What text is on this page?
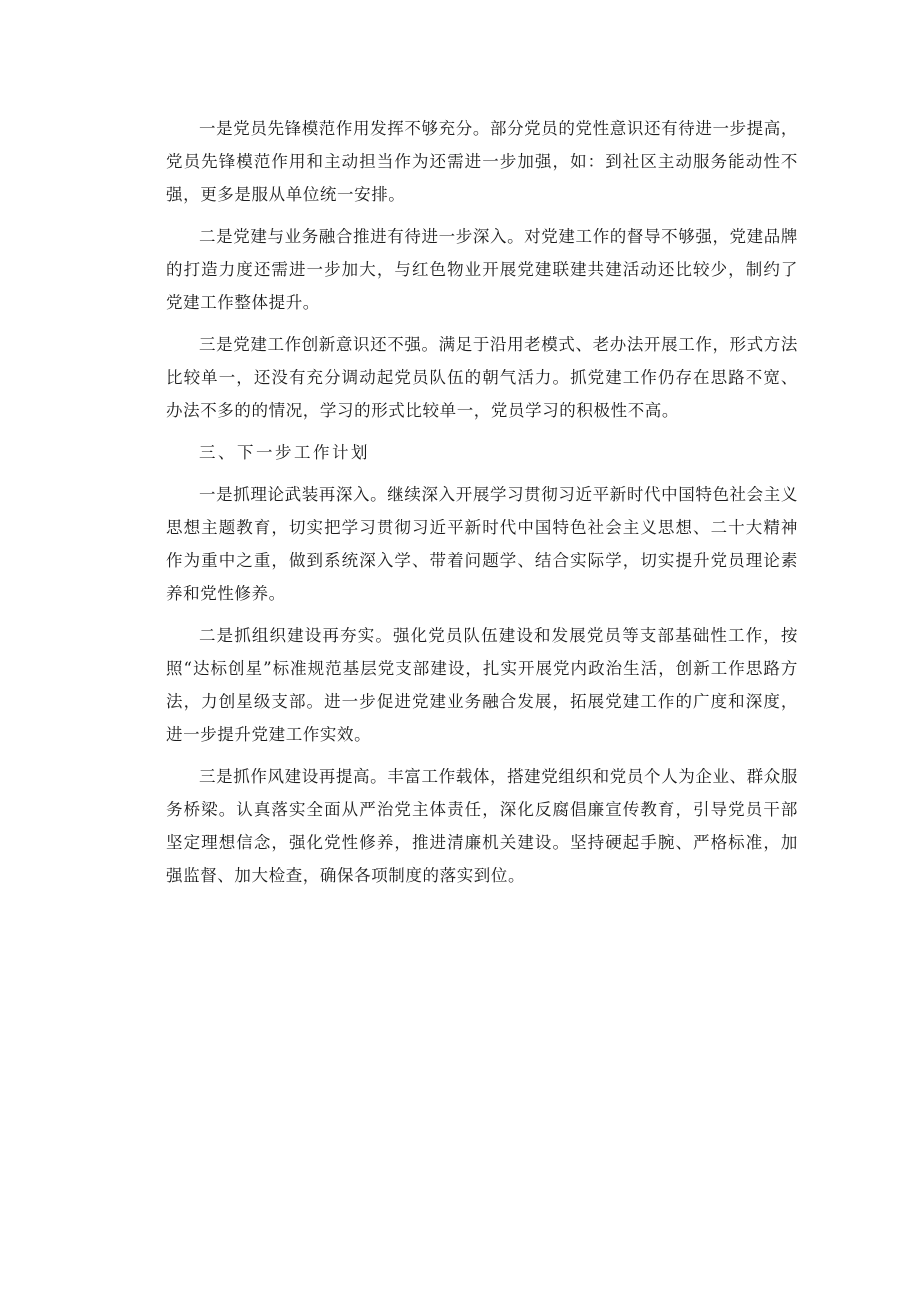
一是党员先锋模范作用发挥不够充分。部分党员的党性意识还有待进一步提高，党员先锋模范作用和主动担当作为还需进一步加强，如：到社区主动服务能动性不强，更多是服从单位统一安排。

二是党建与业务融合推进有待进一步深入。对党建工作的督导不够强，党建品牌的打造力度还需进一步加大，与红色物业开展党建联建共建活动还比较少，制约了党建工作整体提升。

三是党建工作创新意识还不强。满足于沿用老模式、老办法开展工作，形式方法比较单一，还没有充分调动起党员队伍的朝气活力。抓党建工作仍存在思路不宽、办法不多的的情况，学习的形式比较单一，党员学习的积极性不高。

三、下一步工作计划

一是抓理论武装再深入。继续深入开展学习贯彻习近平新时代中国特色社会主义思想主题教育，切实把学习贯彻习近平新时代中国特色社会主义思想、二十大精神作为重中之重，做到系统深入学、带着问题学、结合实际学，切实提升党员理论素养和党性修养。

二是抓组织建设再夯实。强化党员队伍建设和发展党员等支部基础性工作，按照“达标创星”标准规范基层党支部建设，扎实开展党内政治生活，创新工作思路方法，力创星级支部。进一步促进党建业务融合发展，拓展党建工作的广度和深度，进一步提升党建工作实效。

三是抓作风建设再提高。丰富工作载体，搭建党组织和党员个人为企业、群众服务桥梁。认真落实全面从严治党主体责任，深化反腐倡廉宣传教育，引导党员干部坚定理想信念，强化党性修养，推进清廉机关建设。坚持硬起手腕、严格标准，加强监督、加大检查，确保各项制度的落实到位。
